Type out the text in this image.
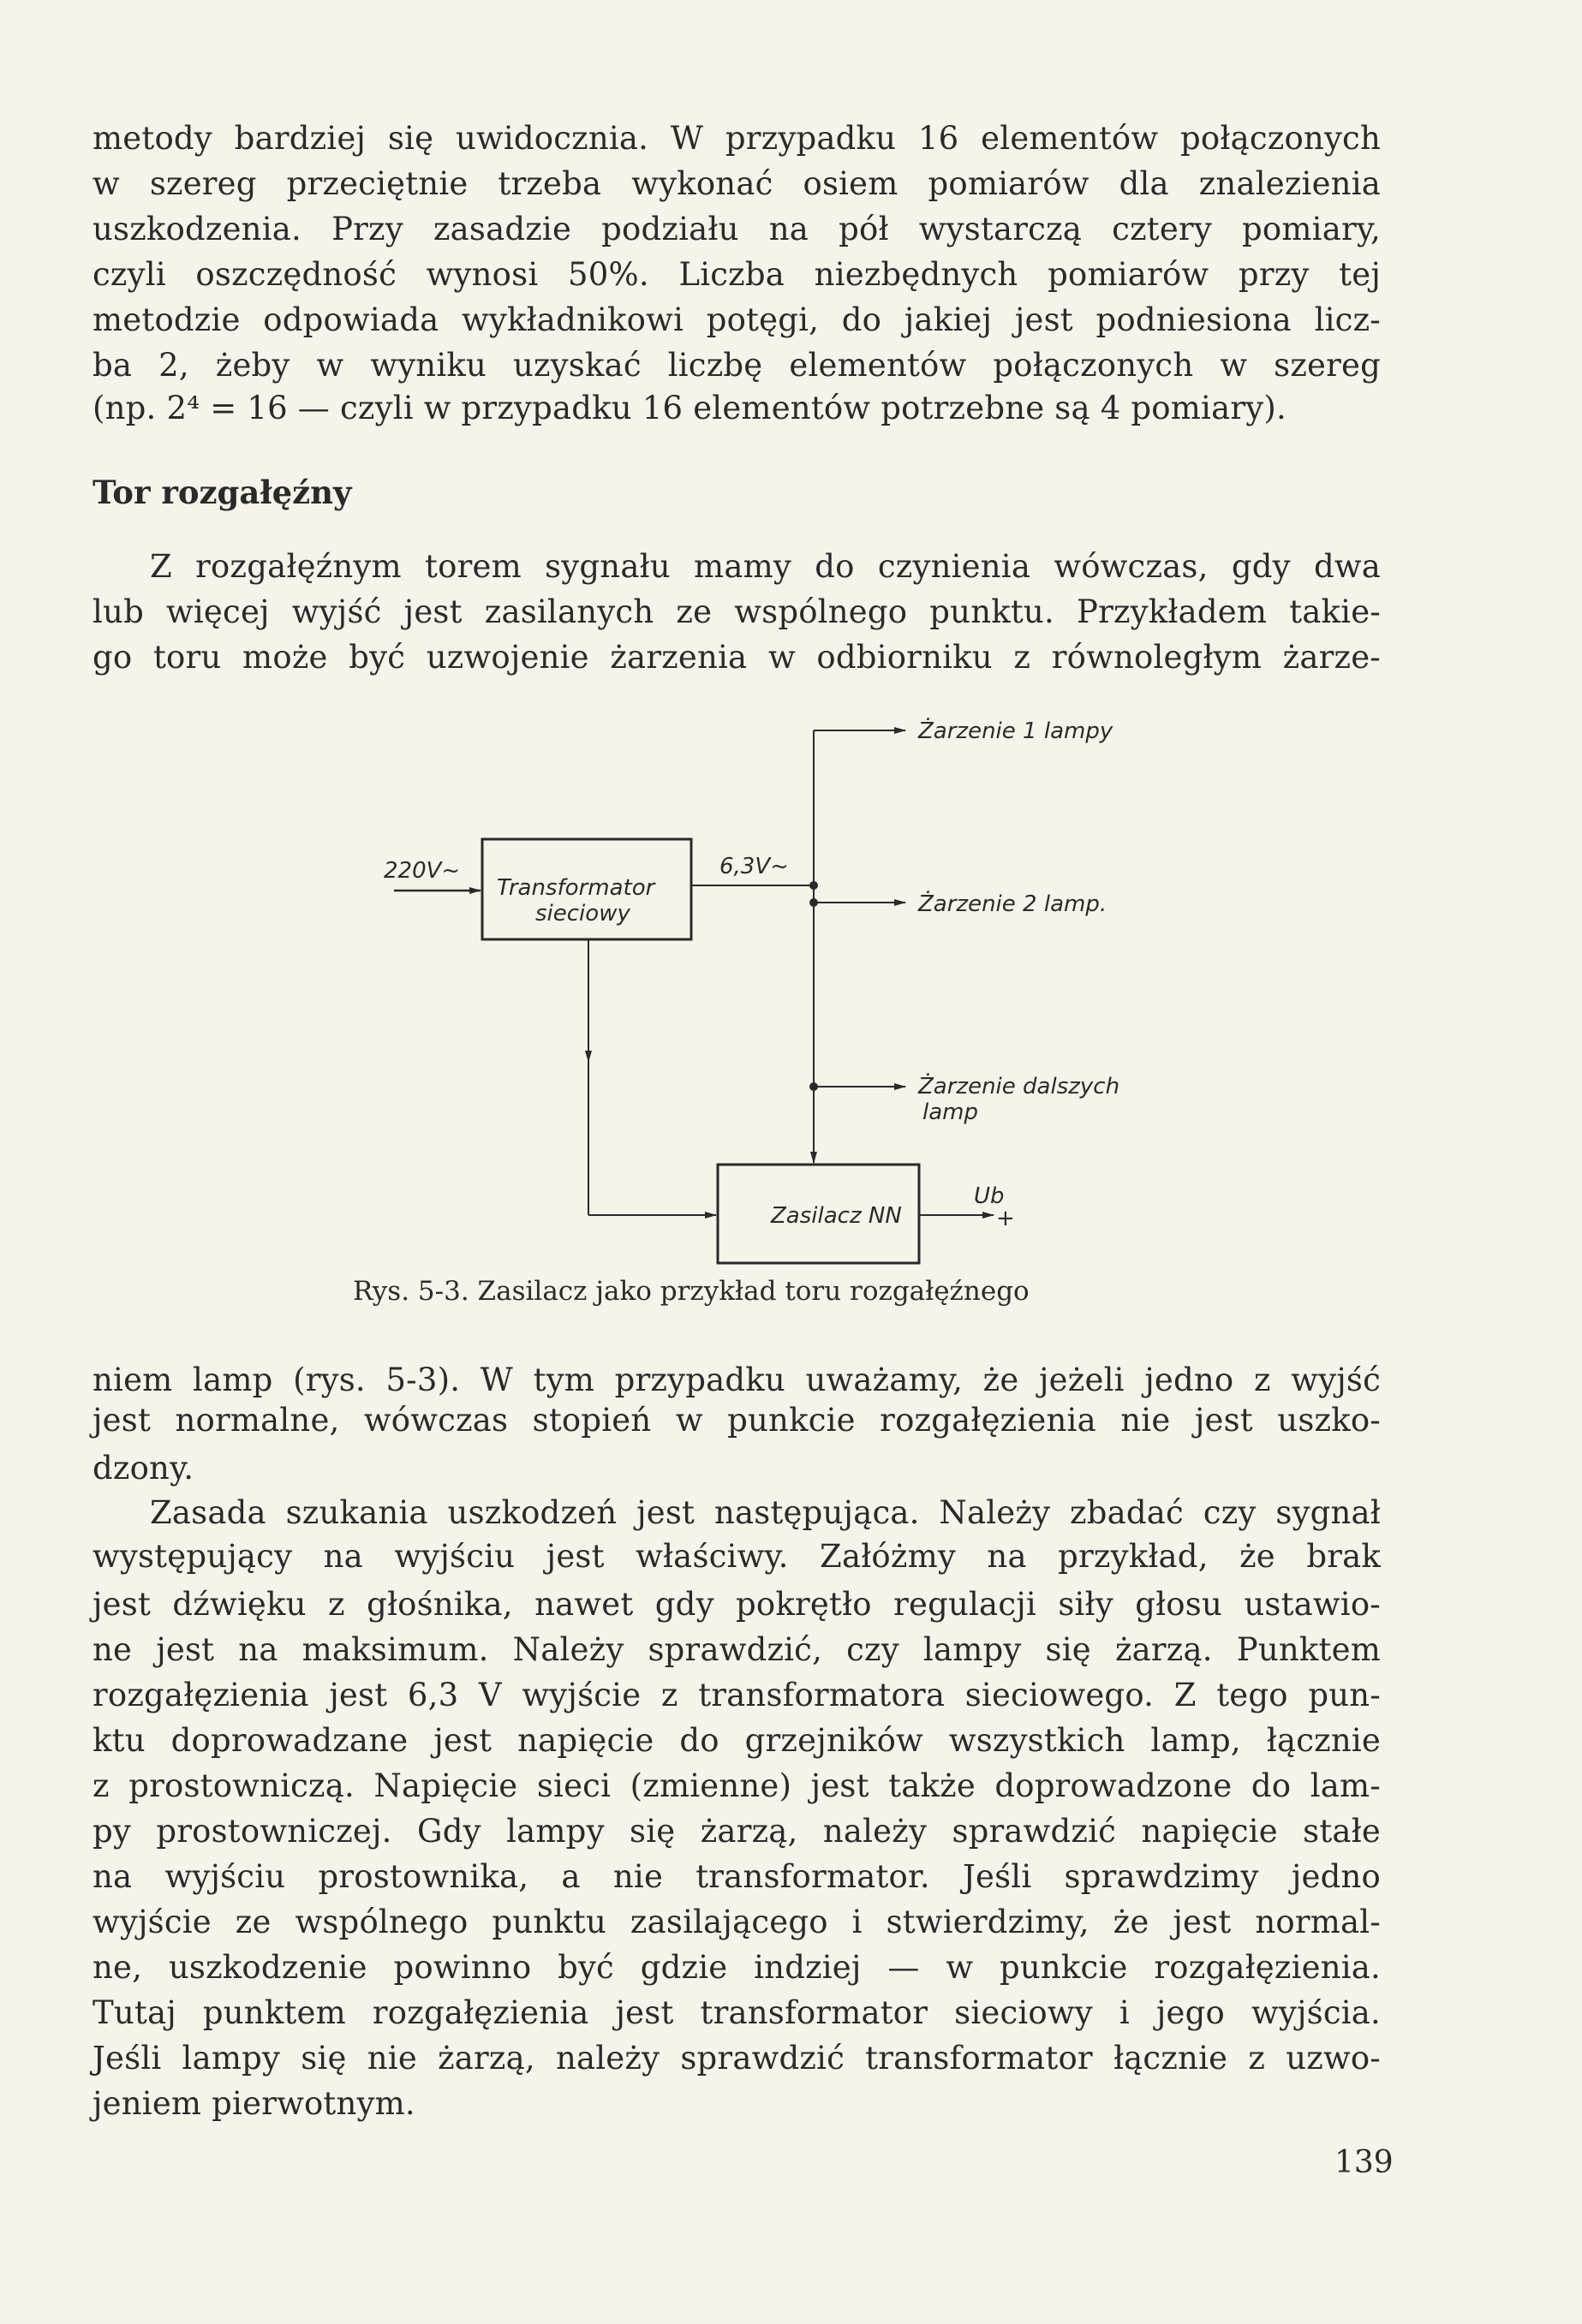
metody bardziej się uwidocznia. W przypadku 16 elementów połączonych
w szereg przeciętnie trzeba wykonać osiem pomiarów dla znalezienia
uszkodzenia. Przy zasadzie podziału na pół wystarczą cztery pomiary,
czyli oszczędność wynosi 50%. Liczba niezbędnych pomiarów przy tej
metodzie odpowiada wykładnikowi potęgi, do jakiej jest podniesiona licz-
ba 2, żeby w wyniku uzyskać liczbę elementów połączonych w szereg
(np. 2⁴ = 16 — czyli w przypadku 16 elementów potrzebne są 4 pomiary).
Tor rozgałęźny
Z rozgałęźnym torem sygnału mamy do czynienia wówczas, gdy dwa
lub więcej wyjść jest zasilanych ze wspólnego punktu. Przykładem takie-
go toru może być uzwojenie żarzenia w odbiorniku z równoległym żarze-
220V~
Transformator
sieciowy
6,3V~
Żarzenie 1 lampy
Żarzenie 2 lamp.
Żarzenie dalszych
lamp
Zasilacz NN
Ub
+
Rys. 5-3. Zasilacz jako przykład toru rozgałęźnego
niem lamp (rys. 5-3). W tym przypadku uważamy, że jeżeli jedno z wyjść
jest normalne, wówczas stopień w punkcie rozgałęzienia nie jest uszko-
dzony.
Zasada szukania uszkodzeń jest następująca. Należy zbadać czy sygnał
występujący na wyjściu jest właściwy. Załóżmy na przykład, że brak
jest dźwięku z głośnika, nawet gdy pokrętło regulacji siły głosu ustawio-
ne jest na maksimum. Należy sprawdzić, czy lampy się żarzą. Punktem
rozgałęzienia jest 6,3 V wyjście z transformatora sieciowego. Z tego pun-
ktu doprowadzane jest napięcie do grzejników wszystkich lamp, łącznie
z prostowniczą. Napięcie sieci (zmienne) jest także doprowadzone do lam-
py prostowniczej. Gdy lampy się żarzą, należy sprawdzić napięcie stałe
na wyjściu prostownika, a nie transformator. Jeśli sprawdzimy jedno
wyjście ze wspólnego punktu zasilającego i stwierdzimy, że jest normal-
ne, uszkodzenie powinno być gdzie indziej — w punkcie rozgałęzienia.
Tutaj punktem rozgałęzienia jest transformator sieciowy i jego wyjścia.
Jeśli lampy się nie żarzą, należy sprawdzić transformator łącznie z uzwo-
jeniem pierwotnym.
139
